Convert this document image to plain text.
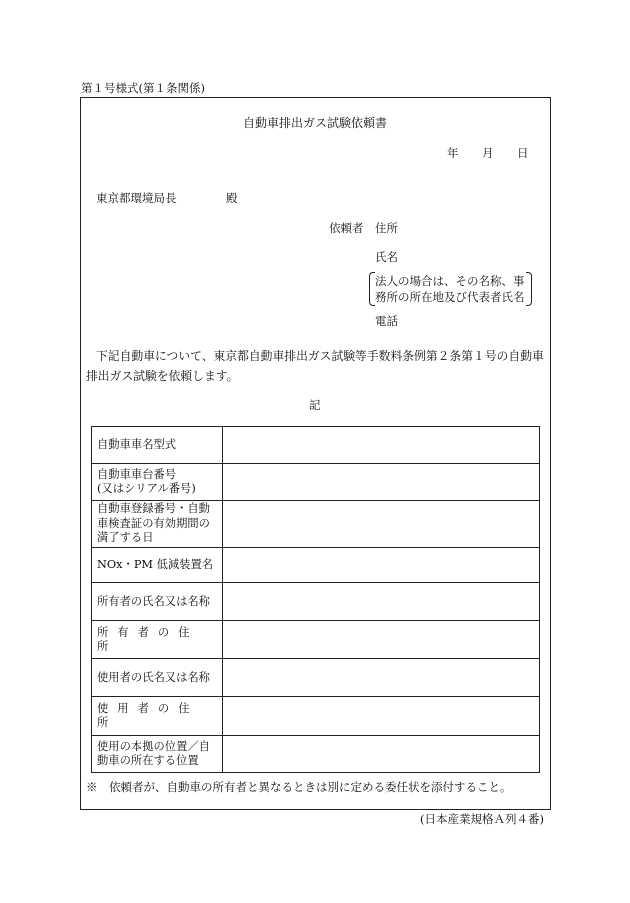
第１号様式(第１条関係)
自動車排出ガス試験依頼書
年 月 日
東京都環境局長	殿
依頼者 住所
氏名
法人の場合は、その名称、事
務所の所在地及び代表者氏名
電話
下記自動車について、東京都自動車排出ガス試験等手数料条例第２条第１号の自動車
排出ガス試験を依頼します。
記
自動車車名型式	
自動車車台番号
(又はシリアル番号)	
自動車登録番号・自動
車検査証の有効期間の
満了する日	
NOx・PM 低減装置名	
所有者の氏名又は名称	
所有者の住所	
使用者の氏名又は名称	
使用者の住所	
使用の本拠の位置／自
動車の所在する位置	
※　依頼者が、自動車の所有者と異なるときは別に定める委任状を添付すること。
(日本産業規格Ａ列４番)
